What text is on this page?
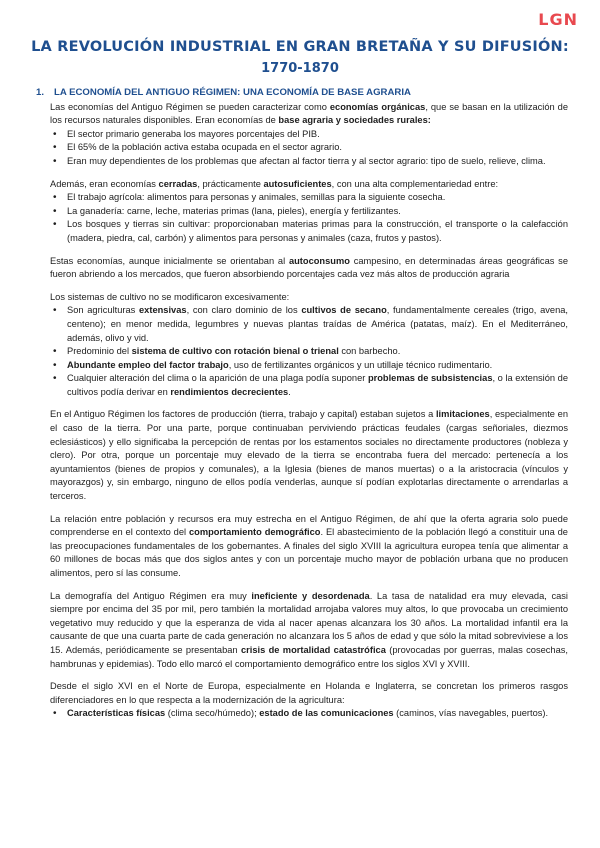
LGN
LA REVOLUCIÓN INDUSTRIAL EN GRAN BRETAÑA Y SU DIFUSIÓN:
1770-1870
1. LA ECONOMÍA DEL ANTIGUO RÉGIMEN: UNA ECONOMÍA DE BASE AGRARIA

Las economías del Antiguo Régimen se pueden caracterizar como economías orgánicas, que se basan en la utilización de los recursos naturales disponibles. Eran economías de base agraria y sociedades rurales:

• El sector primario generaba los mayores porcentajes del PIB.
• El 65% de la población activa estaba ocupada en el sector agrario.
• Eran muy dependientes de los problemas que afectan al factor tierra y al sector agrario: tipo de suelo, relieve, clima.

Además, eran economías cerradas, prácticamente autosuficientes, con una alta complementariedad entre:

• El trabajo agrícola: alimentos para personas y animales, semillas para la siguiente cosecha.
• La ganadería: carne, leche, materias primas (lana, pieles), energía y fertilizantes.
• Los bosques y tierras sin cultivar: proporcionaban materias primas para la construcción, el transporte o la calefacción (madera, piedra, cal, carbón) y alimentos para personas y animales (caza, frutos y pastos).

Estas economías, aunque inicialmente se orientaban al autoconsumo campesino, en determinadas áreas geográficas se fueron abriendo a los mercados, que fueron absorbiendo porcentajes cada vez más altos de producción agraria

Los sistemas de cultivo no se modificaron excesivamente:

• Son agriculturas extensivas, con claro dominio de los cultivos de secano, fundamentalmente cereales (trigo, avena, centeno); en menor medida, legumbres y nuevas plantas traídas de América (patatas, maíz). En el Mediterráneo, además, olivo y vid.
• Predominio del sistema de cultivo con rotación bienal o trienal con barbecho.
• Abundante empleo del factor trabajo, uso de fertilizantes orgánicos y un utillaje técnico rudimentario.
• Cualquier alteración del clima o la aparición de una plaga podía suponer problemas de subsistencias, o la extensión de cultivos podía derivar en rendimientos decrecientes.

En el Antiguo Régimen los factores de producción (tierra, trabajo y capital) estaban sujetos a limitaciones, especialmente en el caso de la tierra. Por una parte, porque continuaban perviviendo prácticas feudales (cargas señoriales, diezmos eclesiásticos) y ello significaba la percepción de rentas por los estamentos sociales no directamente productores (nobleza y clero). Por otra, porque un porcentaje muy elevado de la tierra se encontraba fuera del mercado: pertenecía a los ayuntamientos (bienes de propios y comunales), a la Iglesia (bienes de manos muertas) o a la aristocracia (vínculos y mayorazgos) y, sin embargo, ninguno de ellos podía venderlas, aunque sí podían explotarlas directamente o arrendarlas a terceros.

La relación entre población y recursos era muy estrecha en el Antiguo Régimen, de ahí que la oferta agraria solo puede comprenderse en el contexto del comportamiento demográfico. El abastecimiento de la población llegó a constituir una de las preocupaciones fundamentales de los gobernantes. A finales del siglo XVIII la agricultura europea tenía que alimentar a 60 millones de bocas más que dos siglos antes y con un porcentaje mucho mayor de población urbana que no producen alimentos, pero sí las consume.

La demografía del Antiguo Régimen era muy ineficiente y desordenada. La tasa de natalidad era muy elevada, casi siempre por encima del 35 por mil, pero también la mortalidad arrojaba valores muy altos, lo que provocaba un crecimiento vegetativo muy reducido y que la esperanza de vida al nacer apenas alcanzara los 30 años. La mortalidad infantil era la causante de que una cuarta parte de cada generación no alcanzara los 5 años de edad y que sólo la mitad sobreviviese a los 15. Además, periódicamente se presentaban crisis de mortalidad catastrófica (provocadas por guerras, malas cosechas, hambrunas y epidemias). Todo ello marcó el comportamiento demográfico entre los siglos XVI y XVIII.

Desde el siglo XVI en el Norte de Europa, especialmente en Holanda e Inglaterra, se concretan los primeros rasgos diferenciadores en lo que respecta a la modernización de la agricultura:

• Características físicas (clima seco/húmedo); estado de las comunicaciones (caminos, vías navegables, puertos).
